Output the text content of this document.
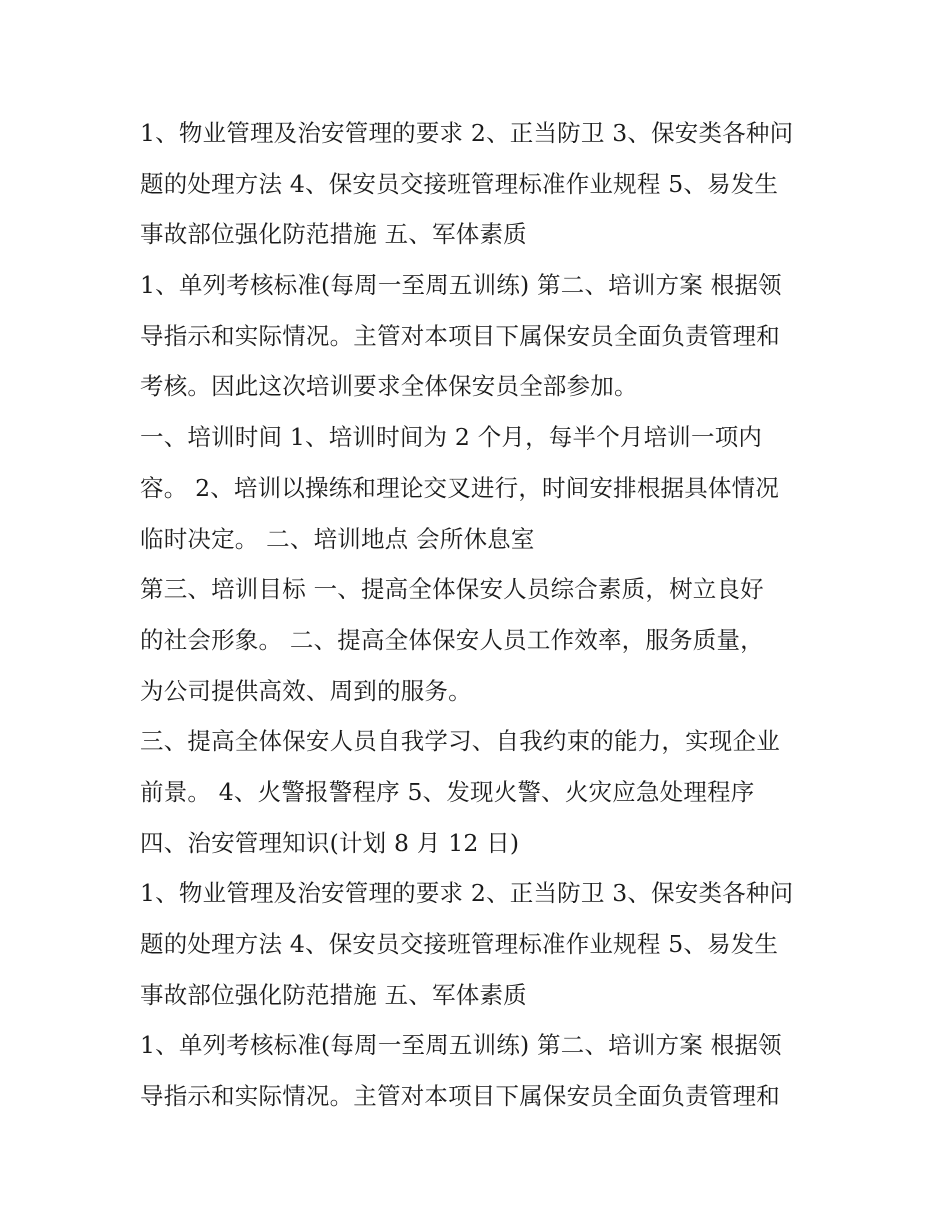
1、物业管理及治安管理的要求 2、正当防卫 3、保安类各种问
题的处理方法 4、保安员交接班管理标准作业规程 5、易发生
事故部位强化防范措施 五、军体素质
1、单列考核标准(每周一至周五训练) 第二、培训方案 根据领
导指示和实际情况。主管对本项目下属保安员全面负责管理和
考核。因此这次培训要求全体保安员全部参加。
一、培训时间 1、培训时间为 2 个月，每半个月培训一项内
容。 2、培训以操练和理论交叉进行，时间安排根据具体情况
临时决定。 二、培训地点 会所休息室
第三、培训目标 一、提高全体保安人员综合素质，树立良好
的社会形象。 二、提高全体保安人员工作效率，服务质量，
为公司提供高效、周到的服务。
三、提高全体保安人员自我学习、自我约束的能力，实现企业
前景。 4、火警报警程序 5、发现火警、火灾应急处理程序
四、治安管理知识(计划 8 月 12 日)
1、物业管理及治安管理的要求 2、正当防卫 3、保安类各种问
题的处理方法 4、保安员交接班管理标准作业规程 5、易发生
事故部位强化防范措施 五、军体素质
1、单列考核标准(每周一至周五训练) 第二、培训方案 根据领
导指示和实际情况。主管对本项目下属保安员全面负责管理和
